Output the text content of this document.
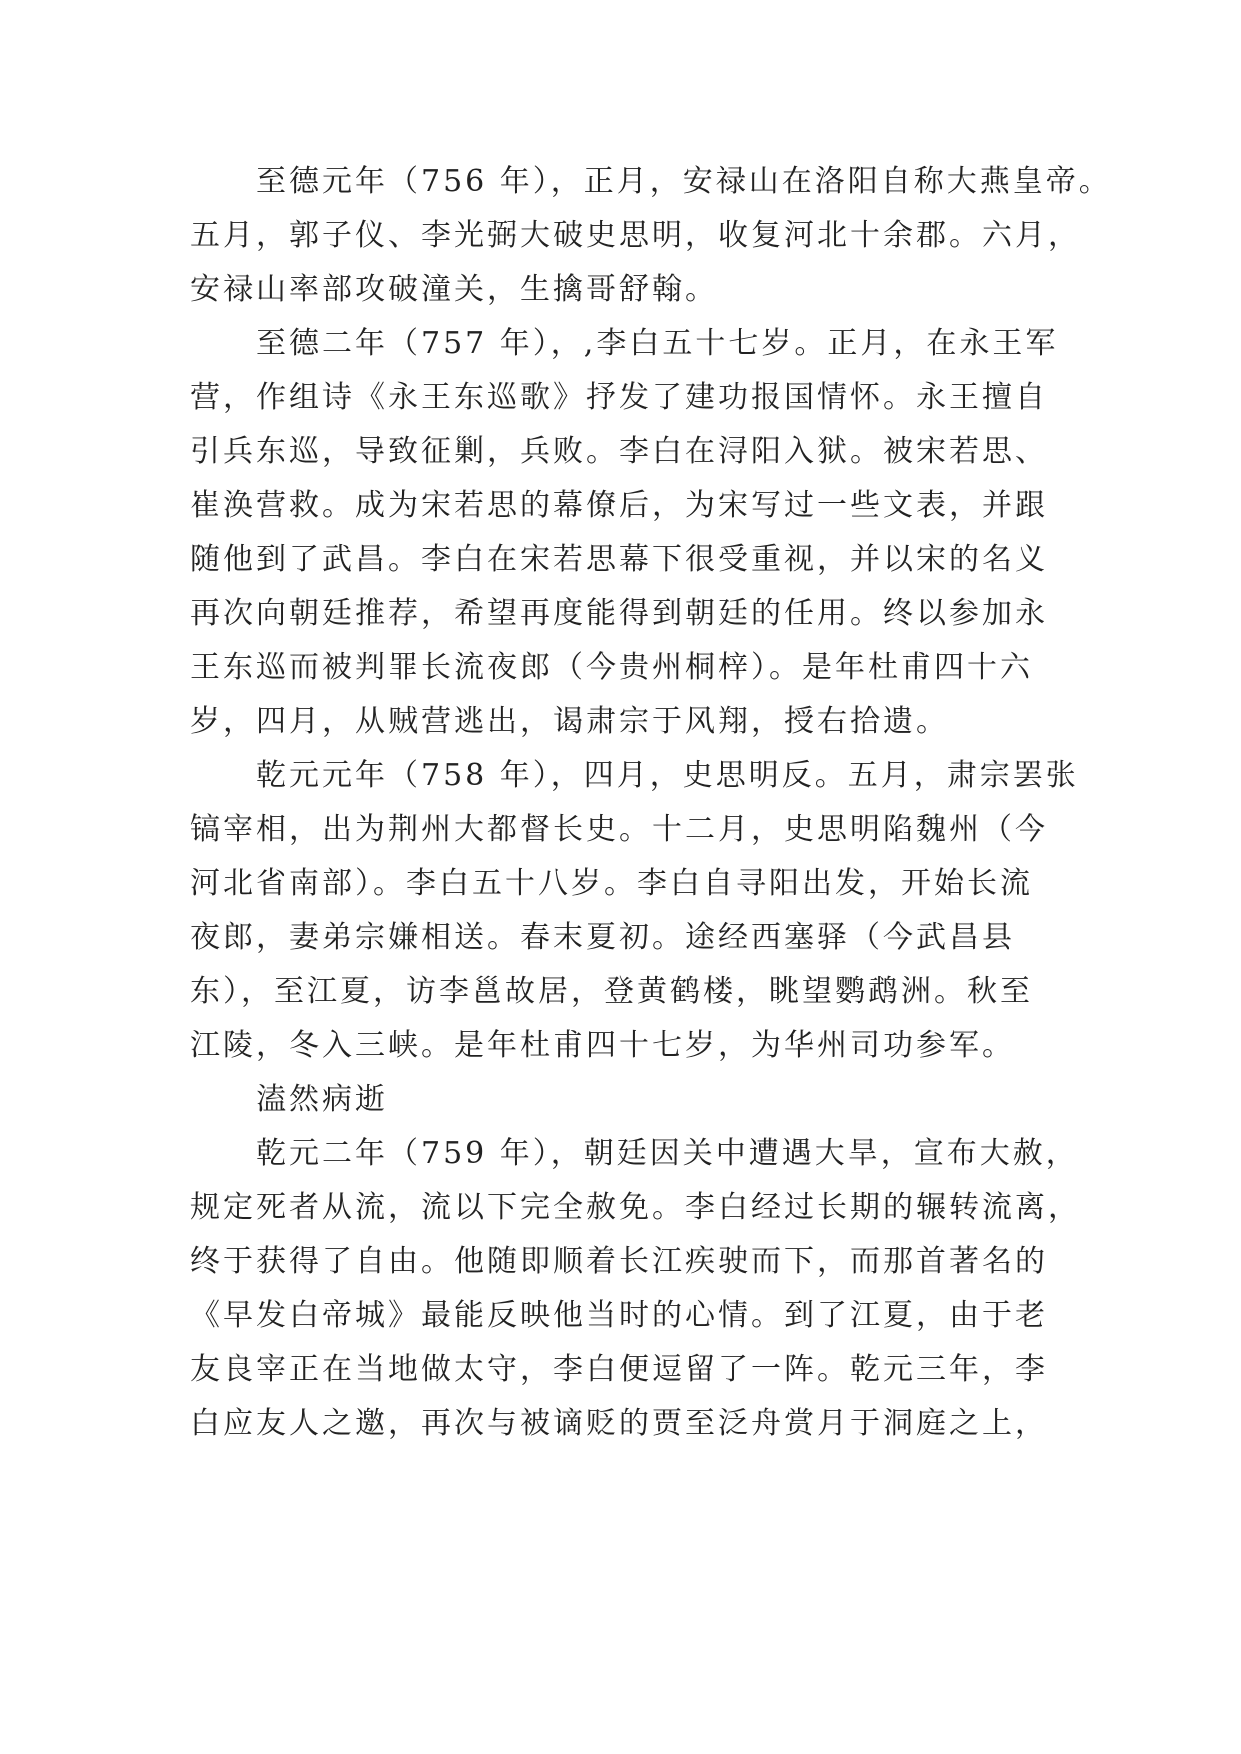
至德元年（756 年），正月，安禄山在洛阳自称大燕皇帝。
五月，郭子仪、李光弼大破史思明，收复河北十余郡。六月，
安禄山率部攻破潼关，生擒哥舒翰。
至德二年（757 年），,李白五十七岁。正月，在永王军
营，作组诗《永王东巡歌》抒发了建功报国情怀。永王擅自
引兵东巡，导致征剿，兵败。李白在浔阳入狱。被宋若思、
崔涣营救。成为宋若思的幕僚后，为宋写过一些文表，并跟
随他到了武昌。李白在宋若思幕下很受重视，并以宋的名义
再次向朝廷推荐，希望再度能得到朝廷的任用。终以参加永
王东巡而被判罪长流夜郎（今贵州桐梓）。是年杜甫四十六
岁，四月，从贼营逃出，谒肃宗于风翔，授右拾遗。
乾元元年（758 年），四月，史思明反。五月，肃宗罢张
镐宰相，出为荆州大都督长史。十二月，史思明陷魏州（今
河北省南部）。李白五十八岁。李白自寻阳出发，开始长流
夜郎，妻弟宗嫌相送。春末夏初。途经西塞驿（今武昌县
东），至江夏，访李邕故居，登黄鹤楼，眺望鹦鹉洲。秋至
江陵，冬入三峡。是年杜甫四十七岁，为华州司功参军。
溘然病逝
乾元二年（759 年），朝廷因关中遭遇大旱，宣布大赦，
规定死者从流，流以下完全赦免。李白经过长期的辗转流离，
终于获得了自由。他随即顺着长江疾驶而下，而那首著名的
《早发白帝城》最能反映他当时的心情。到了江夏，由于老
友良宰正在当地做太守，李白便逗留了一阵。乾元三年，李
白应友人之邀，再次与被谪贬的贾至泛舟赏月于洞庭之上，
